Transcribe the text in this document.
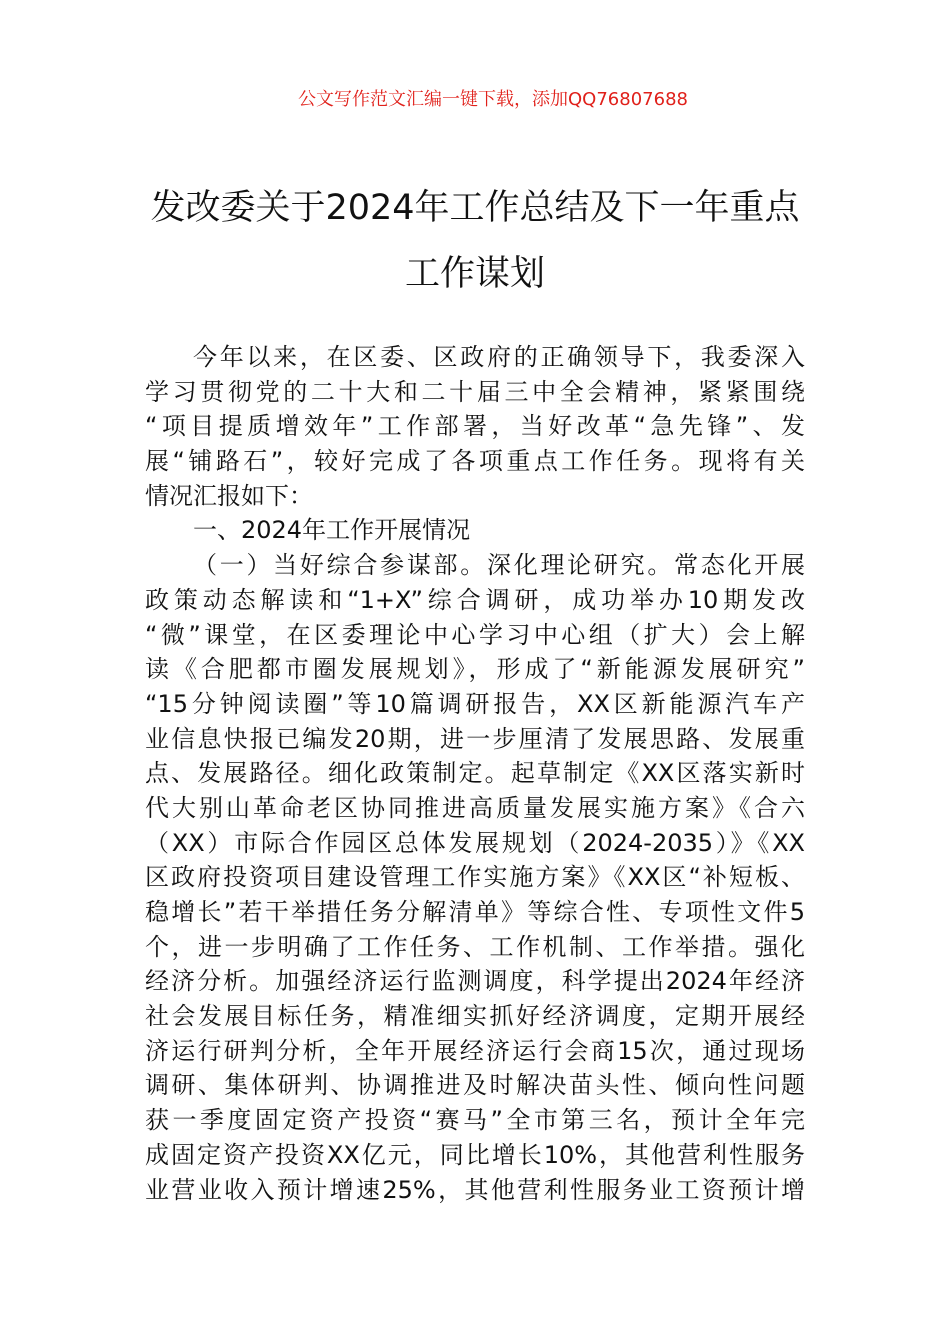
公文写作范文汇编一键下载，添加QQ76807688
发改委关于2024年工作总结及下一年重点
工作谋划
今年以来，在区委、区政府的正确领导下，我委深入
学习贯彻党的二十大和二十届三中全会精神，紧紧围绕
“项目提质增效年”工作部署，当好改革“急先锋”、发
展“铺路石”，较好完成了各项重点工作任务。现将有关
情况汇报如下：
一、2024年工作开展情况
（一）当好综合参谋部。深化理论研究。常态化开展
政策动态解读和“1+X”综合调研，成功举办10期发改
“微”课堂，在区委理论中心学习中心组（扩大）会上解
读《合肥都市圈发展规划》，形成了“新能源发展研究”
“15分钟阅读圈”等10篇调研报告，XX区新能源汽车产
业信息快报已编发20期，进一步厘清了发展思路、发展重
点、发展路径。细化政策制定。起草制定《XX区落实新时
代大别山革命老区协同推进高质量发展实施方案》《合六
（XX）市际合作园区总体发展规划（2024-2035）》《XX
区政府投资项目建设管理工作实施方案》《XX区“补短板、
稳增长”若干举措任务分解清单》等综合性、专项性文件5
个，进一步明确了工作任务、工作机制、工作举措。强化
经济分析。加强经济运行监测调度，科学提出2024年经济
社会发展目标任务，精准细实抓好经济调度，定期开展经
济运行研判分析，全年开展经济运行会商15次，通过现场
调研、集体研判、协调推进及时解决苗头性、倾向性问题
获一季度固定资产投资“赛马”全市第三名，预计全年完
成固定资产投资XX亿元，同比增长10%，其他营利性服务
业营业收入预计增速25%，其他营利性服务业工资预计增
